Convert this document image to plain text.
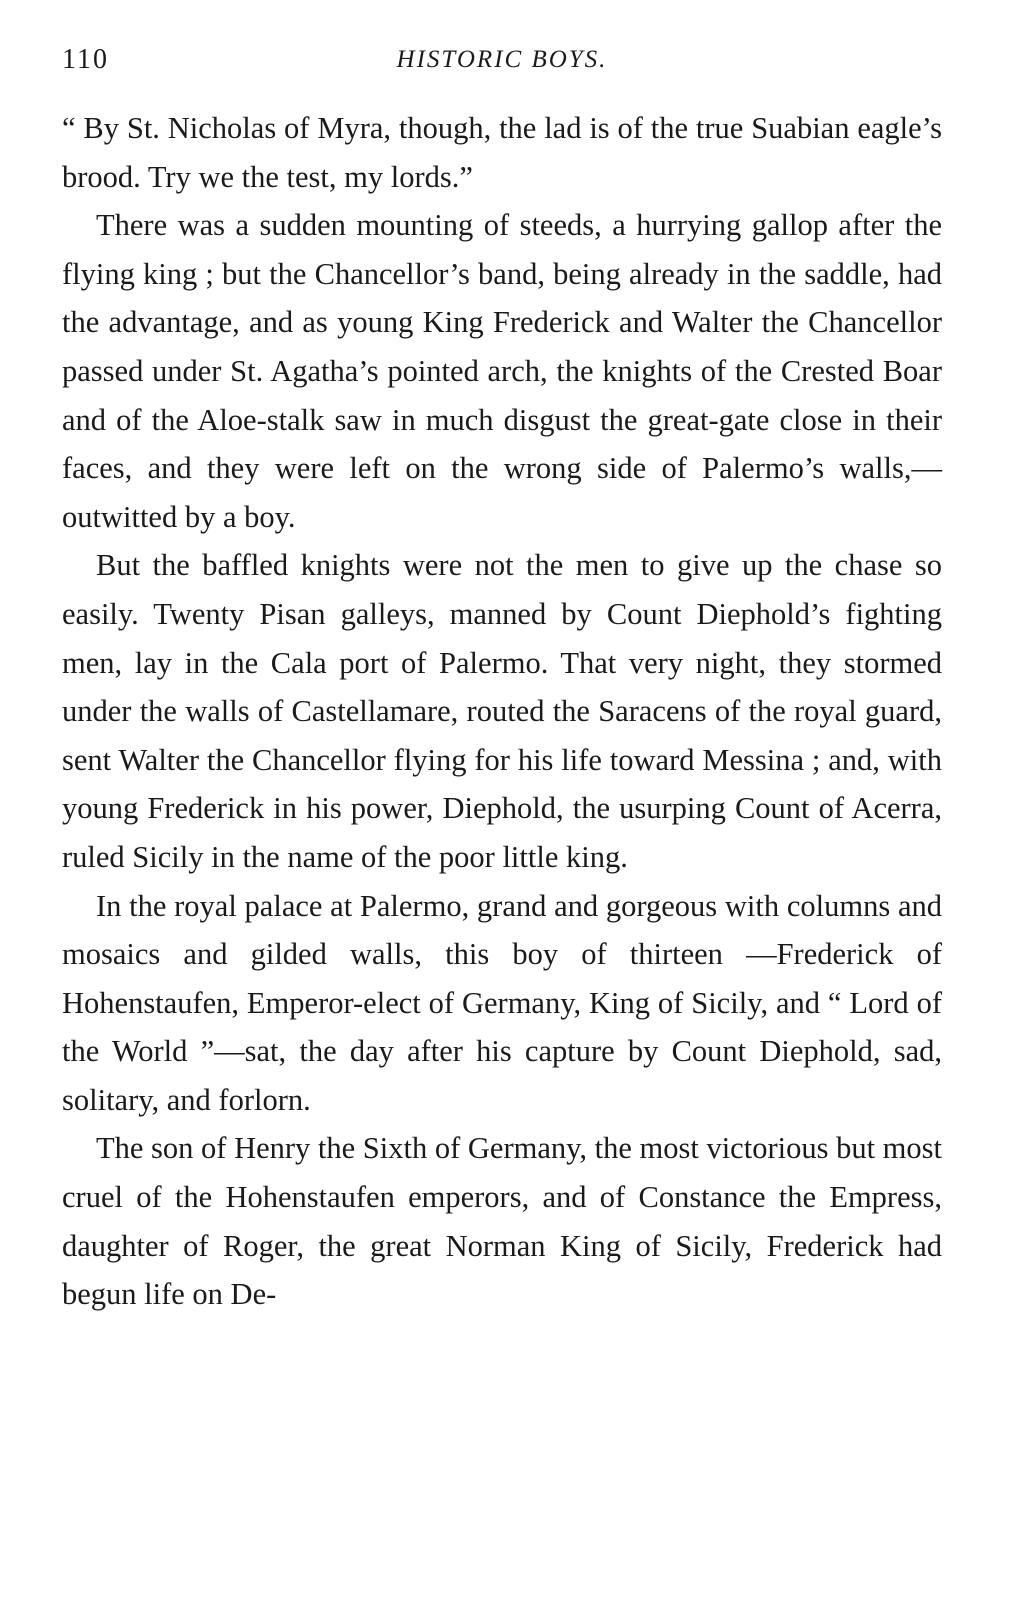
110	HISTORIC BOYS.

“ By St. Nicholas of Myra, though, the lad is of the true Suabian eagle’s brood. Try we the test, my lords.”

There was a sudden mounting of steeds, a hurrying gallop after the flying king ; but the Chancellor’s band, being already in the saddle, had the advantage, and as young King Frederick and Walter the Chancellor passed under St. Agatha’s pointed arch, the knights of the Crested Boar and of the Aloe-stalk saw in much disgust the great-gate close in their faces, and they were left on the wrong side of Palermo’s walls,—outwitted by a boy.

But the baffled knights were not the men to give up the chase so easily. Twenty Pisan galleys, manned by Count Diephold’s fighting men, lay in the Cala port of Palermo. That very night, they stormed under the walls of Castellamare, routed the Saracens of the royal guard, sent Walter the Chancellor flying for his life toward Messina ; and, with young Frederick in his power, Diephold, the usurping Count of Acerra, ruled Sicily in the name of the poor little king.

In the royal palace at Palermo, grand and gorgeous with columns and mosaics and gilded walls, this boy of thirteen —Frederick of Hohenstaufen, Emperor-elect of Germany, King of Sicily, and “ Lord of the World ”—sat, the day after his capture by Count Diephold, sad, solitary, and forlorn.

The son of Henry the Sixth of Germany, the most victorious but most cruel of the Hohenstaufen emperors, and of Constance the Empress, daughter of Roger, the great Norman King of Sicily, Frederick had begun life on De-
